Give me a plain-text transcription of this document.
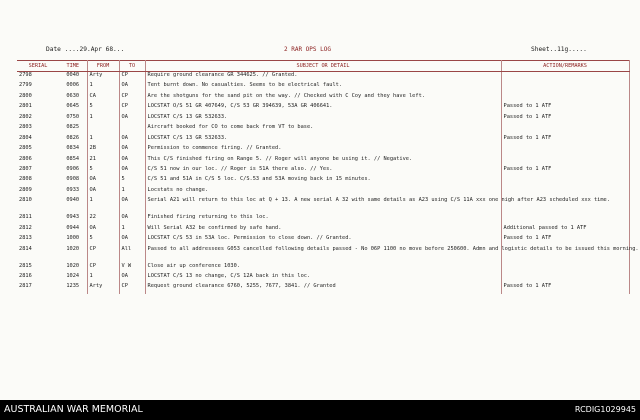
Date ....29.Apr 68...	2 RAR OPS LOG	Sheet..11g.....
SERIAL	TIME	FROM	TO	SUBJECT OR DETAIL	ACTION/REMARKS
2798	0040	Arty	CP	Require ground clearance GR 344625. // Granted.	
2799	0006	1	OA	Tent burnt down. No casualties. Seems to be electrical fault.	
2800	0630	CA	CP	Are the shotguns for the sand pit on the way. // Checked with C Coy and they have left.	
2801	0645	5	CP	LOCSTAT O/S 51 GR 407649, C/S 53 GR 394639, 53A GR 406641.	Passed to 1 ATF
2802	0750	1	OA	LOCSTAT C/S 13 GR 532633.	Passed to 1 ATF
2803	0825			Aircraft booked for CO to come back from VT to base.	
2804	0826	1	OA	LOCSTAT C/S 13 GR 532633.	Passed to 1 ATF
2805	0834	2B	OA	Permission to commence firing. // Granted.	
2806	0854	21	OA	This C/S finished firing on Range 5. // Roger will anyone be using it. // Negative.	
2807	0906	5	OA	C/S 51 now in our loc. // Roger is 51A there also. // Yes.	Passed to 1 ATF
2808	0908	OA	5	C/S 51 and 51A in C/S 5 loc. C/S.53 and 53A moving back in 15 minutes.	
2809	0933	OA	1	Locstats no change.	
2810	0940	1	OA	Serial A21 will return to this loc at Q + 13. A new serial A 32 with same details as A23 using C/S 11A xxx one nigh after A23 scheduled xxx time.	
2811	0943	22	OA	Finished firing returning to this loc.	
2812	0944	OA	1	Will Serial A32 be confirmed by safe hand.	Additional passed to 1 ATF
2813	1000	5	OA	LOCSTAT C/S 53 in 53A loc. Permission to close down. // Granted.	Passed to 1 ATF
2814	1020	CP	All	Passed to all addressees G053 cancelled following details passed - No 06P 1100 no move before 250600. Admn and logistic details to be issued this morning.	
2815	1020	CP	V W	Close air up conference 1030.	
2816	1024	1	OA	LOCSTAT C/S 13 no change, C/S 12A back in this loc.	
2817	1235	Arty	CP	Request ground clearance 6760, 5255, 7677, 3841. // Granted	Passed to 1 ATF
AUSTRALIAN WAR MEMORIAL	RCDIG1029945
